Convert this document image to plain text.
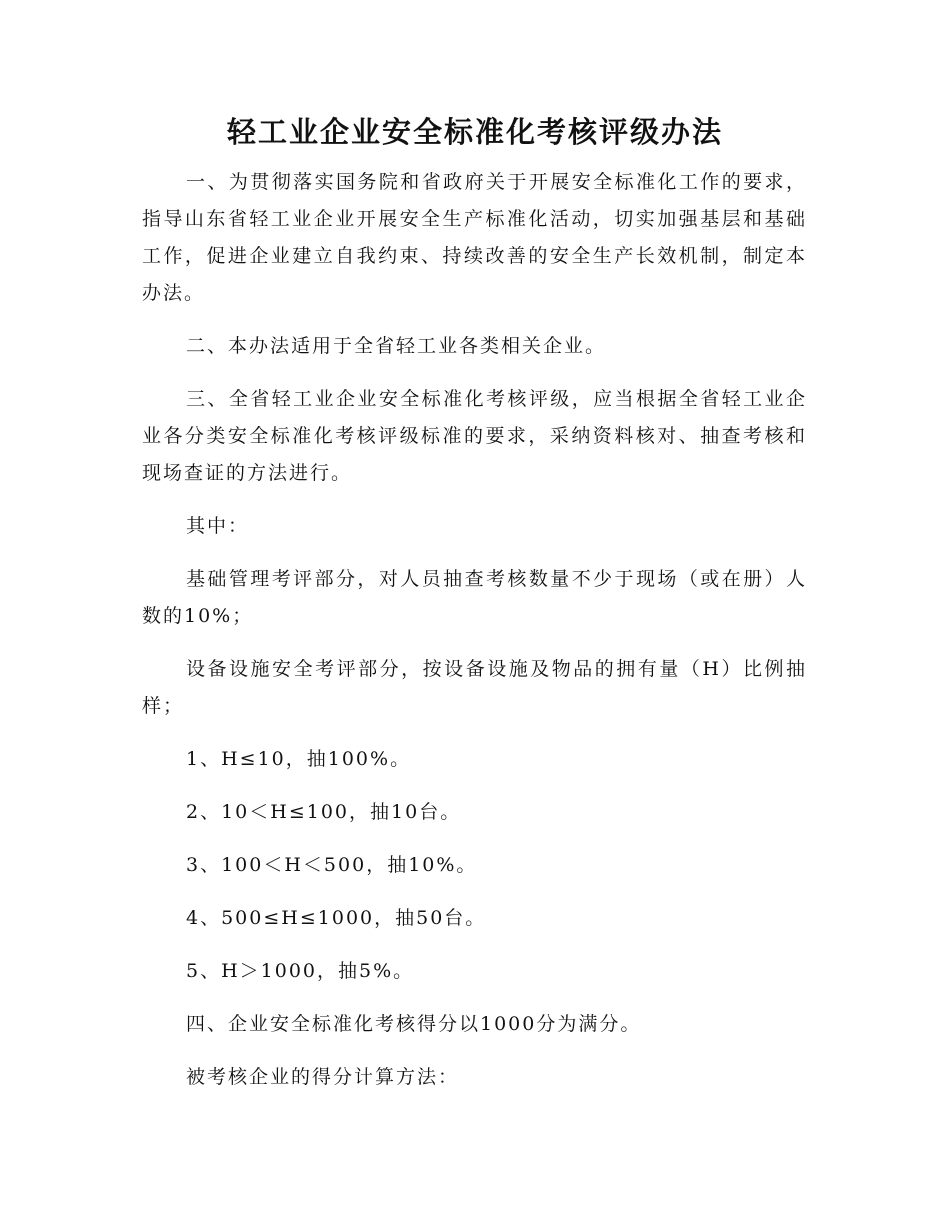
轻工业企业安全标准化考核评级办法

一、为贯彻落实国务院和省政府关于开展安全标准化工作的要求，指导山东省轻工业企业开展安全生产标准化活动，切实加强基层和基础工作，促进企业建立自我约束、持续改善的安全生产长效机制，制定本办法。

二、本办法适用于全省轻工业各类相关企业。

三、全省轻工业企业安全标准化考核评级，应当根据全省轻工业企业各分类安全标准化考核评级标准的要求，采纳资料核对、抽查考核和现场查证的方法进行。

其中：

基础管理考评部分，对人员抽查考核数量不少于现场（或在册）人数的10%；

设备设施安全考评部分，按设备设施及物品的拥有量（H）比例抽样；

1、H≤10，抽100%。

2、10＜H≤100，抽10台。

3、100＜H＜500，抽10%。

4、500≤H≤1000，抽50台。

5、H＞1000，抽5%。

四、企业安全标准化考核得分以1000分为满分。

被考核企业的得分计算方法：
